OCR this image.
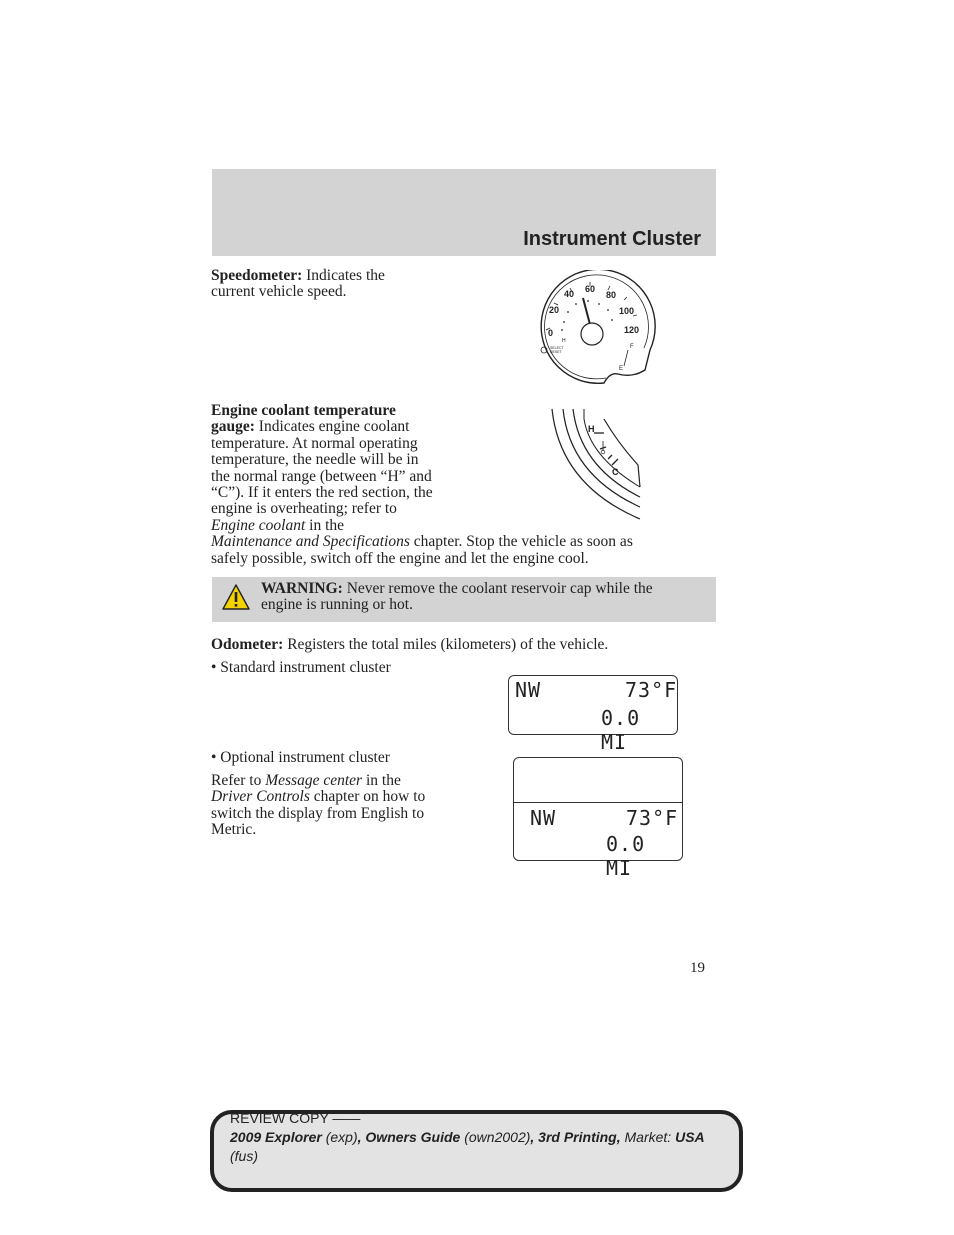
Instrument Cluster
Speedometer: Indicates the
current vehicle speed.
0
20
40 60
80
100
120
H
SELECT
RESET
F
E
Engine coolant temperature
gauge: Indicates engine coolant
temperature. At normal operating
temperature, the needle will be in
the normal range (between “H” and
“C”). If it enters the red section, the
engine is overheating; refer to
Engine coolant in the
Maintenance and Specifications chapter. Stop the vehicle as soon as
safely possible, switch off the engine and let the engine cool.
H
C
WARNING: Never remove the coolant reservoir cap while the
engine is running or hot.
Odometer: Registers the total miles (kilometers) of the vehicle.
• Standard instrument cluster
NW	73°F
0.0 MI
• Optional instrument cluster
Refer to Message center in the
Driver Controls chapter on how to
switch the display from English to
Metric.	NW	73°F
0.0 MI
19
REVIEW COPY ——
2009 Explorer (exp), Owners Guide (own2002), 3rd Printing, Market: USA
(fus)
